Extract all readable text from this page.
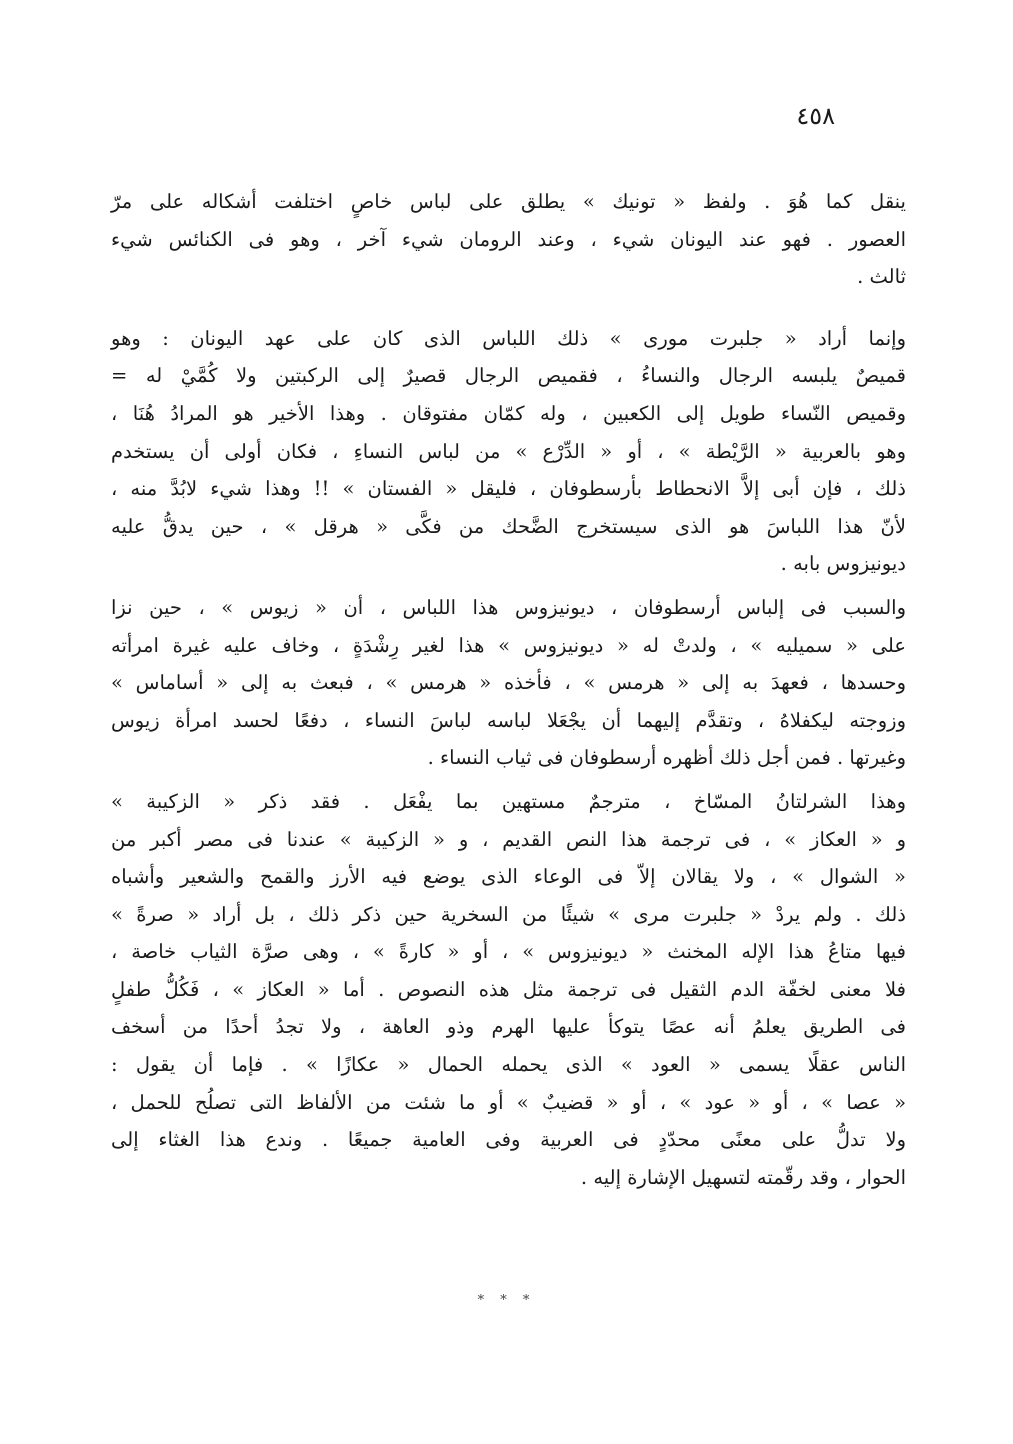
٤٥٨
ينقل كما هُوَ . ولفظ « تونيك » يطلق على لباس خاصٍ اختلفت أشكاله على مرّ
العصور . فهو عند اليونان شيء ، وعند الرومان شيء آخر ، وهو فى الكنائس شيء
ثالث .
وإنما أراد « جلبرت مورى » ذلك اللباس الذى كان على عهد اليونان : وهو
قميصٌ يلبسه الرجال والنساءُ ، فقميص الرجال قصيرٌ إلى الركبتين ولا كُمَّيْ له =
وقميص النّساء طويل إلى الكعبين ، وله كمّان مفتوقان . وهذا الأخير هو المرادُ هُنَا ،
وهو بالعربية « الرَّيْطة » ، أو « الدِّرْع » من لباس النساءِ ، فكان أولى أن يستخدم
ذلك ، فإن أبى إلاَّ الانحطاط بأرسطوفان ، فليقل « الفستان » !! وهذا شيء لابُدَّ منه ،
لأنّ هذا اللباسَ هو الذى سيستخرج الضَّحك من فكَّى « هرقل » ، حين يدقُّ عليه
ديونيزوس بابه .
والسبب فى إلباس أرسطوفان ، ديونيزوس هذا اللباس ، أن « زيوس » ، حين نزا
على « سميليه » ، ولدتْ له « ديونيزوس » هذا لغير رِشْدَةٍ ، وخاف عليه غيرة امرأته
وحسدها ، فعهدَ به إلى « هرمس » ، فأخذه « هرمس » ، فبعث به إلى « أساماس »
وزوجته ليكفلاهُ ، وتقدَّم إليهما أن يجْعَلا لباسه لباسَ النساء ، دفعًا لحسد امرأة زيوس
وغيرتها . فمن أجل ذلك أظهره أرسطوفان فى ثياب النساء .
وهذا الشرلتانُ المسّاخ ، مترجمٌ مستهين بما يفْعَل . فقد ذكر « الزكيبة »
و « العكاز » ، فى ترجمة هذا النص القديم ، و « الزكيبة » عندنا فى مصر أكبر من
« الشوال » ، ولا يقالان إلاّ فى الوعاء الذى يوضع فيه الأرز والقمح والشعير وأشباه
ذلك . ولم يردْ « جلبرت مرى » شيئًا من السخرية حين ذكر ذلك ، بل أراد « صرةً »
فيها متاعُ هذا الإله المخنث « ديونيزوس » ، أو « كارةً » ، وهى صرَّة الثياب خاصة ،
فلا معنى لخفّة الدم الثقيل فى ترجمة مثل هذه النصوص . أما « العكاز » ، فَكُلُّ طفلٍ
فى الطريق يعلمُ أنه عصًا يتوكأ عليها الهرم وذو العاهة ، ولا تجدُ أحدًا من أسخف
الناس عقلًا يسمى « العود » الذى يحمله الحمال « عكازًا » . فإما أن يقول :
« عصا » ، أو « عود » ، أو « قضيبٌ » أو ما شئت من الألفاظ التى تصلُح للحمل ،
ولا تدلُّ على معنًى محدّدٍ فى العربية وفى العامية جميعًا . وندع هذا الغثاء إلى
الحوار ، وقد رقّمته لتسهيل الإشارة إليه .
* * *
